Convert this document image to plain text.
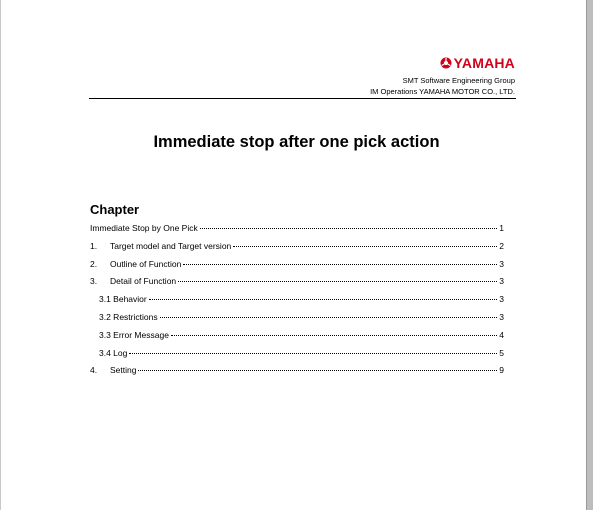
YAMAHA
SMT Software Engineering Group
IM Operations YAMAHA MOTOR CO., LTD.
Immediate stop after one pick action
Chapter
Immediate Stop by One Pick	1
1.	Target model and Target version	2
2.	Outline of Function	3
3.	Detail of Function	3
3.1 Behavior	3
3.2 Restrictions	3
3.3 Error Message	4
3.4 Log	5
4.	Setting	9
